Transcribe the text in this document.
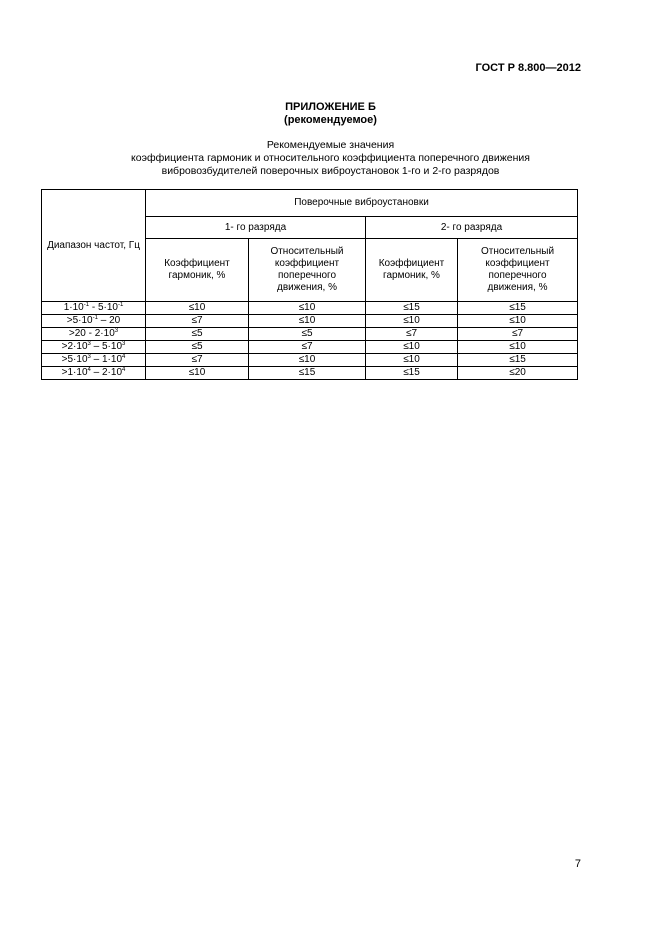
ГОСТ Р 8.800—2012
ПРИЛОЖЕНИЕ Б
(рекомендуемое)
Рекомендуемые значения
коэффициента гармоник и относительного коэффициента поперечного движения
вибровозбудителей поверочных виброустановок 1-го и 2-го разрядов
Диапазон частот, Гц	Поверочные виброустановки			
	1- го разряда		2- го разряда	

	Коэффициент гармоник, %	Относительный коэффициент поперечного движения, %	Коэффициент гармоник, %	Относительный коэффициент поперечного движения, %

$1\cdot 10^{-1} - 5\cdot 10^{-1}$	≤10	≤10	≤15	≤15
$>5\cdot 10^{-1} - 20$	≤7	≤10	≤10	≤10
$>20 - 2\cdot 10^3$	≤5	≤5	≤7	≤7
$>2\cdot 10^3 - 5\cdot 10^3$	≤5	≤7	≤10	≤10
$>5\cdot 10^3 - 1\cdot 10^4$	≤7	≤10	≤10	≤15
$>1\cdot 10^4 - 2\cdot 10^4$	≤10	≤15	≤15	≤20
7
